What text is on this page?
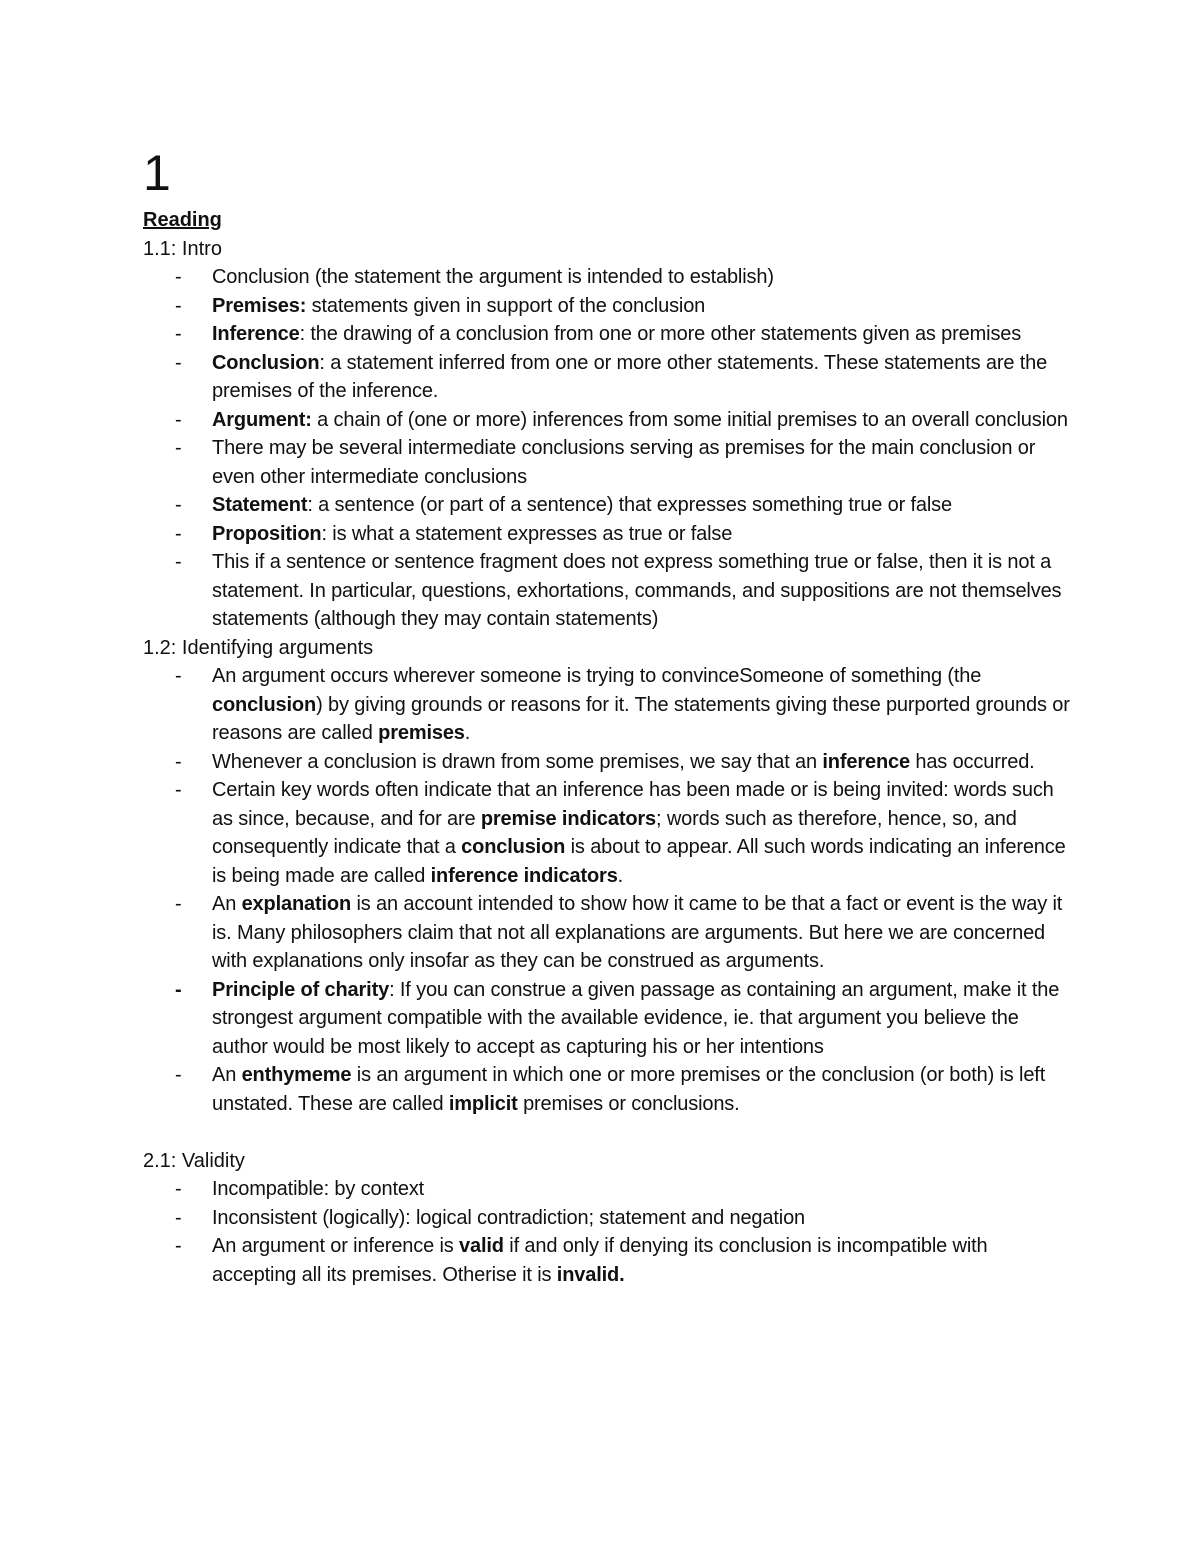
1
Reading
1.1: Intro
- Conclusion (the statement the argument is intended to establish)
- Premises: statements given in support of the conclusion
- Inference: the drawing of a conclusion from one or more other statements given as premises
- Conclusion: a statement inferred from one or more other statements. These statements are the premises of the inference.
- Argument: a chain of (one or more) inferences from some initial premises to an overall conclusion
- There may be several intermediate conclusions serving as premises for the main conclusion or even other intermediate conclusions
- Statement: a sentence (or part of a sentence) that expresses something true or false
- Proposition: is what a statement expresses as true or false
- This if a sentence or sentence fragment does not express something true or false, then it is not a statement. In particular, questions, exhortations, commands, and suppositions are not themselves statements (although they may contain statements)
1.2: Identifying arguments
- An argument occurs wherever someone is trying to convinceSomeone of something (the conclusion) by giving grounds or reasons for it. The statements giving these purported grounds or reasons are called premises.
- Whenever a conclusion is drawn from some premises, we say that an inference has occurred.
- Certain key words often indicate that an inference has been made or is being invited: words such as since, because, and for are premise indicators; words such as therefore, hence, so, and consequently indicate that a conclusion is about to appear. All such words indicating an inference is being made are called inference indicators.
- An explanation is an account intended to show how it came to be that a fact or event is the way it is. Many philosophers claim that not all explanations are arguments. But here we are concerned with explanations only insofar as they can be construed as arguments.
- Principle of charity: If you can construe a given passage as containing an argument, make it the strongest argument compatible with the available evidence, ie. that argument you believe the author would be most likely to accept as capturing his or her intentions
- An enthymeme is an argument in which one or more premises or the conclusion (or both) is left unstated. These are called implicit premises or conclusions.
2.1: Validity
- Incompatible: by context
- Inconsistent (logically): logical contradiction; statement and negation
- An argument or inference is valid if and only if denying its conclusion is incompatible with accepting all its premises. Otherise it is invalid.
